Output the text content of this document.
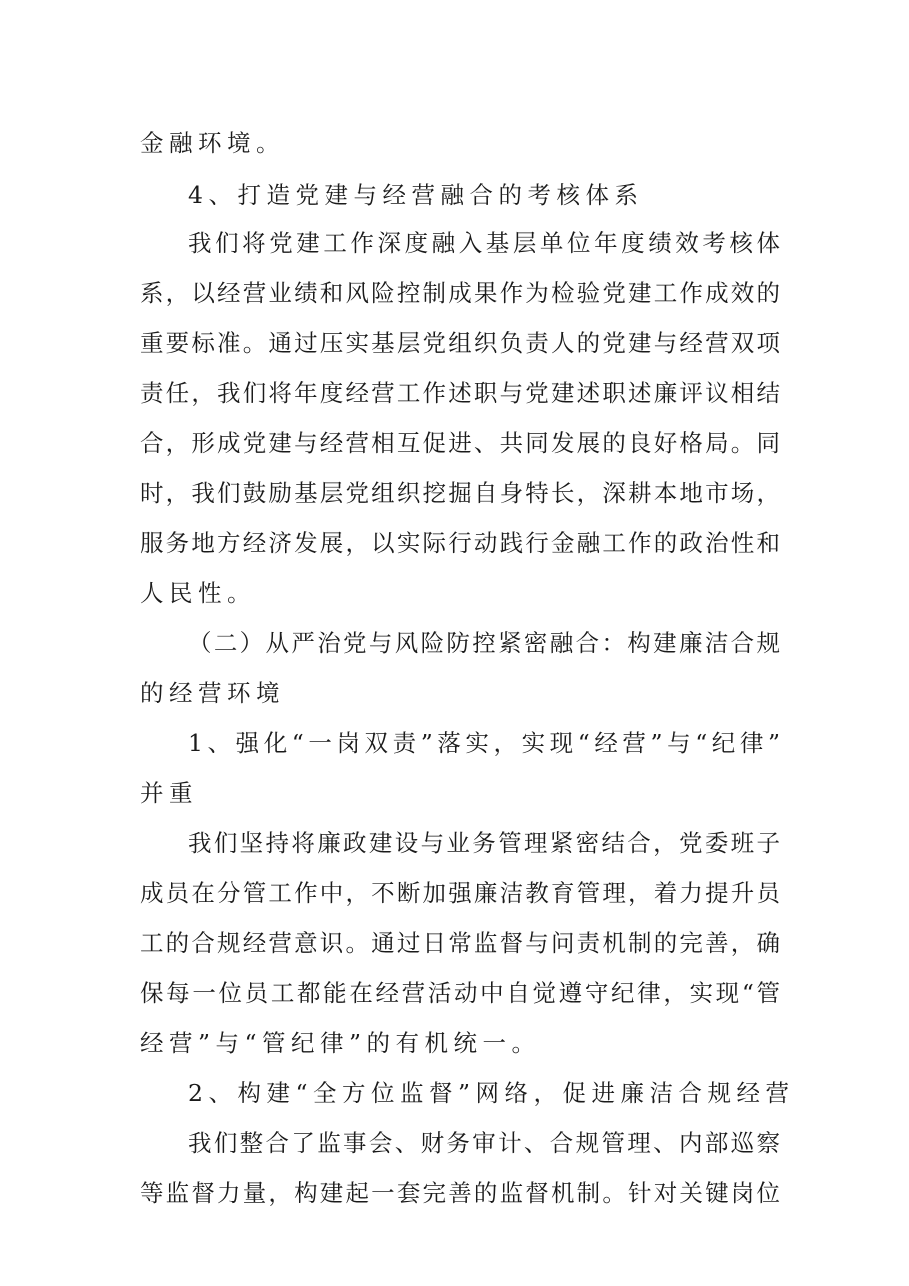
金融环境。
4、打造党建与经营融合的考核体系
我们将党建工作深度融入基层单位年度绩效考核体
系，以经营业绩和风险控制成果作为检验党建工作成效的
重要标准。通过压实基层党组织负责人的党建与经营双项
责任，我们将年度经营工作述职与党建述职述廉评议相结
合，形成党建与经营相互促进、共同发展的良好格局。同
时，我们鼓励基层党组织挖掘自身特长，深耕本地市场，
服务地方经济发展，以实际行动践行金融工作的政治性和
人民性。
（二）从严治党与风险防控紧密融合：构建廉洁合规
的经营环境
1、强化“一岗双责”落实，实现“经营”与“纪律”
并重
我们坚持将廉政建设与业务管理紧密结合，党委班子
成员在分管工作中，不断加强廉洁教育管理，着力提升员
工的合规经营意识。通过日常监督与问责机制的完善，确
保每一位员工都能在经营活动中自觉遵守纪律，实现“管
经营”与“管纪律”的有机统一。
2、构建“全方位监督”网络，促进廉洁合规经营
我们整合了监事会、财务审计、合规管理、内部巡察
等监督力量，构建起一套完善的监督机制。针对关键岗位
